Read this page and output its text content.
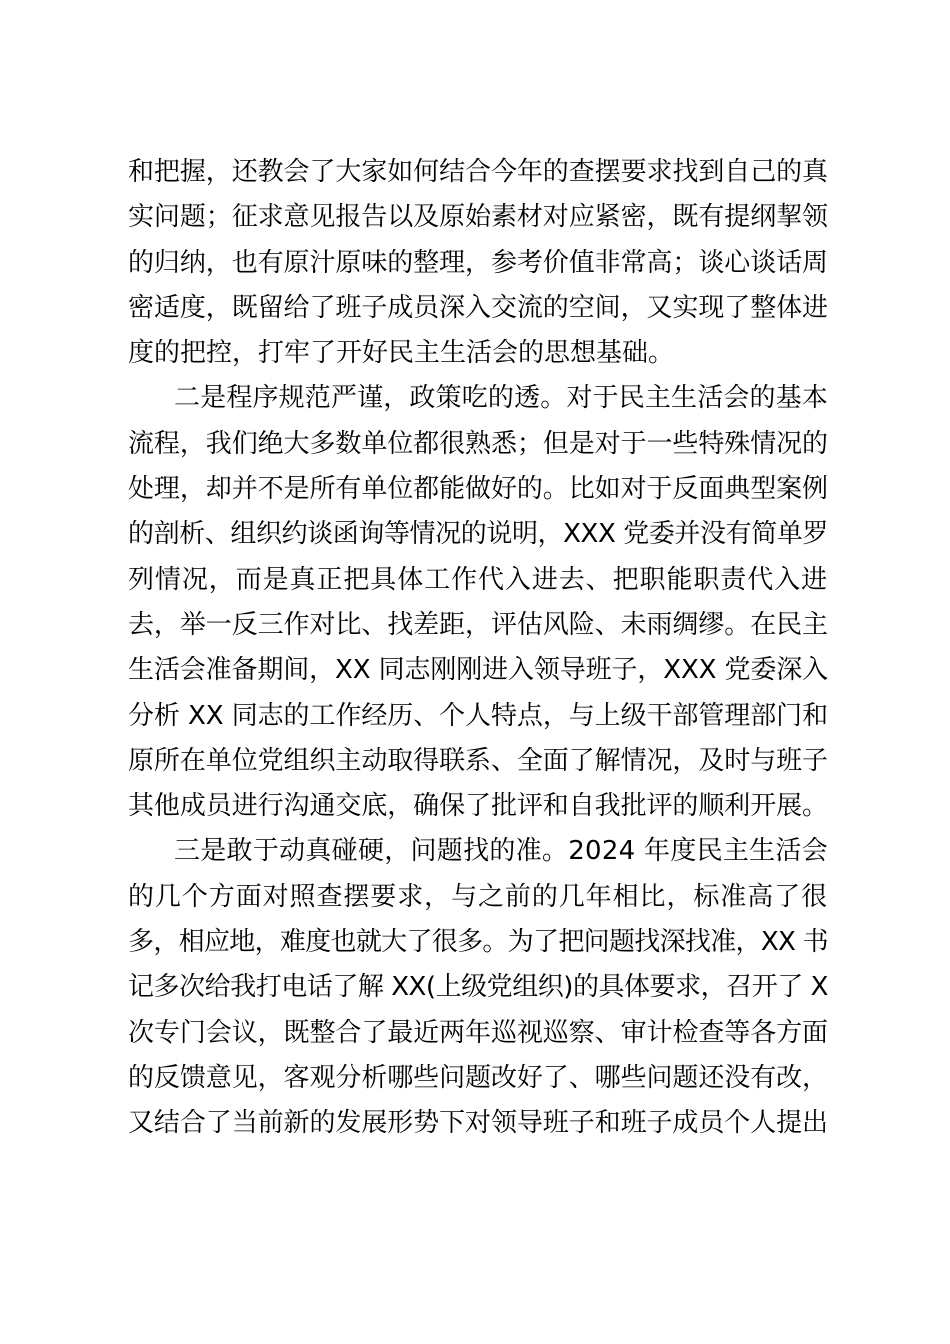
和把握，还教会了大家如何结合今年的查摆要求找到自己的真
实问题；征求意见报告以及原始素材对应紧密，既有提纲挈领
的归纳，也有原汁原味的整理，参考价值非常高；谈心谈话周
密适度，既留给了班子成员深入交流的空间，又实现了整体进
度的把控，打牢了开好民主生活会的思想基础。
二是程序规范严谨，政策吃的透。对于民主生活会的基本
流程，我们绝大多数单位都很熟悉；但是对于一些特殊情况的
处理，却并不是所有单位都能做好的。比如对于反面典型案例
的剖析、组织约谈函询等情况的说明，XXX 党委并没有简单罗
列情况，而是真正把具体工作代入进去、把职能职责代入进
去，举一反三作对比、找差距，评估风险、未雨绸缪。在民主
生活会准备期间，XX 同志刚刚进入领导班子，XXX 党委深入
分析 XX 同志的工作经历、个人特点，与上级干部管理部门和
原所在单位党组织主动取得联系、全面了解情况，及时与班子
其他成员进行沟通交底，确保了批评和自我批评的顺利开展。
三是敢于动真碰硬，问题找的准。2024 年度民主生活会
的几个方面对照查摆要求，与之前的几年相比，标准高了很
多，相应地，难度也就大了很多。为了把问题找深找准，XX 书
记多次给我打电话了解 XX(上级党组织)的具体要求，召开了 X
次专门会议，既整合了最近两年巡视巡察、审计检查等各方面
的反馈意见，客观分析哪些问题改好了、哪些问题还没有改，
又结合了当前新的发展形势下对领导班子和班子成员个人提出
